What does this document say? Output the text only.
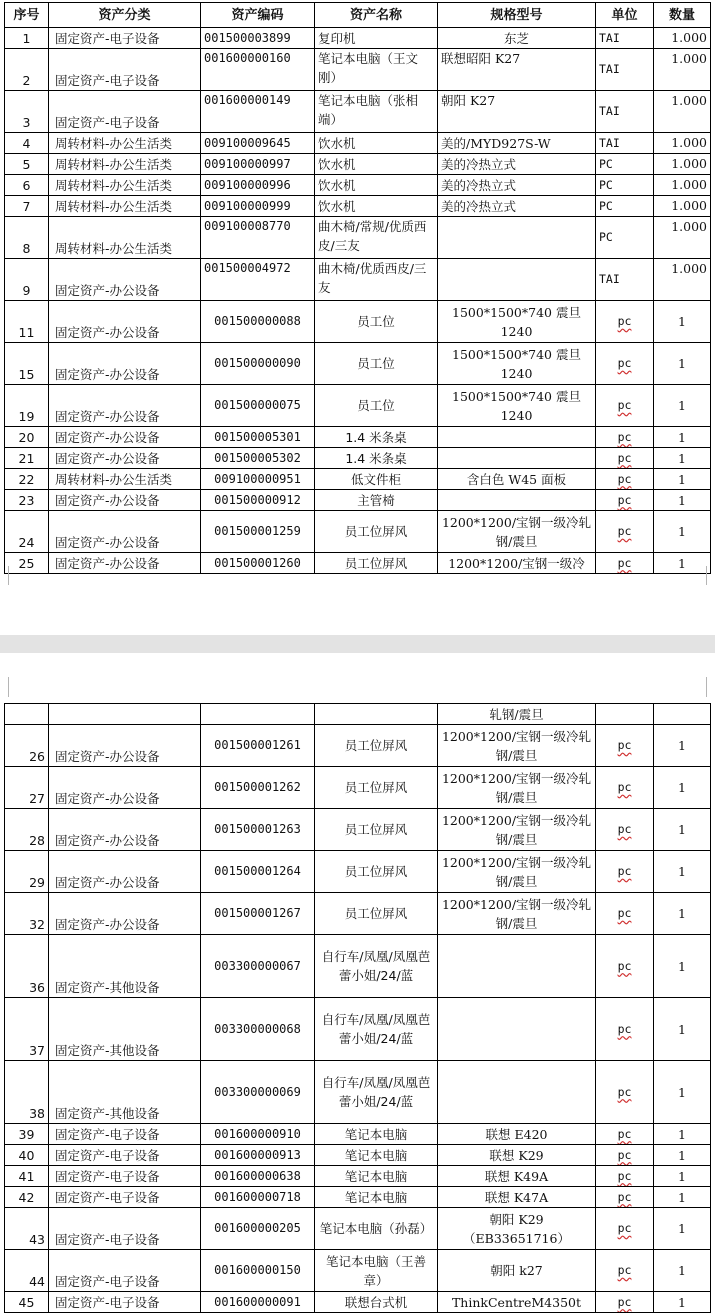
序号	资产分类	资产编码	资产名称	规格型号	单位	数量
1	固定资产-电子设备	001500003899	复印机	东芝	TAI	1.000
2	固定资产-电子设备	001600000160	笔记本电脑（王文刚）	联想昭阳 K27	TAI	1.000
3	固定资产-电子设备	001600000149	笔记本电脑（张相端）	朝阳 K27	TAI	1.000
4	周转材料-办公生活类	009100009645	饮水机	美的/MYD927S-W	TAI	1.000
5	周转材料-办公生活类	009100000997	饮水机	美的冷热立式	PC	1.000
6	周转材料-办公生活类	009100000996	饮水机	美的冷热立式	PC	1.000
7	周转材料-办公生活类	009100000999	饮水机	美的冷热立式	PC	1.000
8	周转材料-办公生活类	009100008770	曲木椅/常规/优质西皮/三友		PC	1.000
9	固定资产-办公设备	001500004972	曲木椅/优质西皮/三友		TAI	1.000
11	固定资产-办公设备	001500000088	员工位	1500*1500*740 震旦 1240	pc	1
15	固定资产-办公设备	001500000090	员工位	1500*1500*740 震旦 1240	pc	1
19	固定资产-办公设备	001500000075	员工位	1500*1500*740 震旦 1240	pc	1
20	固定资产-办公设备	001500005301	1.4 米条桌		pc	1
21	固定资产-办公设备	001500005302	1.4 米条桌		pc	1
22	周转材料-办公生活类	009100000951	低文件柜	含白色 W45 面板	pc	1
23	固定资产-办公设备	001500000912	主管椅		pc	1
24	固定资产-办公设备	001500001259	员工位屏风	1200*1200/宝钢一级冷轧钢/震旦	pc	1
25	固定资产-办公设备	001500001260	员工位屏风	1200*1200/宝钢一级冷	pc	1
				轧钢/震旦		
26	固定资产-办公设备	001500001261	员工位屏风	1200*1200/宝钢一级冷轧钢/震旦	pc	1
27	固定资产-办公设备	001500001262	员工位屏风	1200*1200/宝钢一级冷轧钢/震旦	pc	1
28	固定资产-办公设备	001500001263	员工位屏风	1200*1200/宝钢一级冷轧钢/震旦	pc	1
29	固定资产-办公设备	001500001264	员工位屏风	1200*1200/宝钢一级冷轧钢/震旦	pc	1
32	固定资产-办公设备	001500001267	员工位屏风	1200*1200/宝钢一级冷轧钢/震旦	pc	1
36	固定资产-其他设备	003300000067	自行车/凤凰/凤凰芭蕾小姐/24/蓝		pc	1
37	固定资产-其他设备	003300000068	自行车/凤凰/凤凰芭蕾小姐/24/蓝		pc	1
38	固定资产-其他设备	003300000069	自行车/凤凰/凤凰芭蕾小姐/24/蓝		pc	1
39	固定资产-电子设备	001600000910	笔记本电脑	联想 E420	pc	1
40	固定资产-电子设备	001600000913	笔记本电脑	联想 K29	pc	1
41	固定资产-电子设备	001600000638	笔记本电脑	联想 K49A	pc	1
42	固定资产-电子设备	001600000718	笔记本电脑	联想 K47A	pc	1
43	固定资产-电子设备	001600000205	笔记本电脑（孙磊）	朝阳 K29（EB33651716）	pc	1
44	固定资产-电子设备	001600000150	笔记本电脑（王善章）	朝阳 k27	pc	1
45	固定资产-电子设备	001600000091	联想台式机	ThinkCentreM4350t	pc	1
